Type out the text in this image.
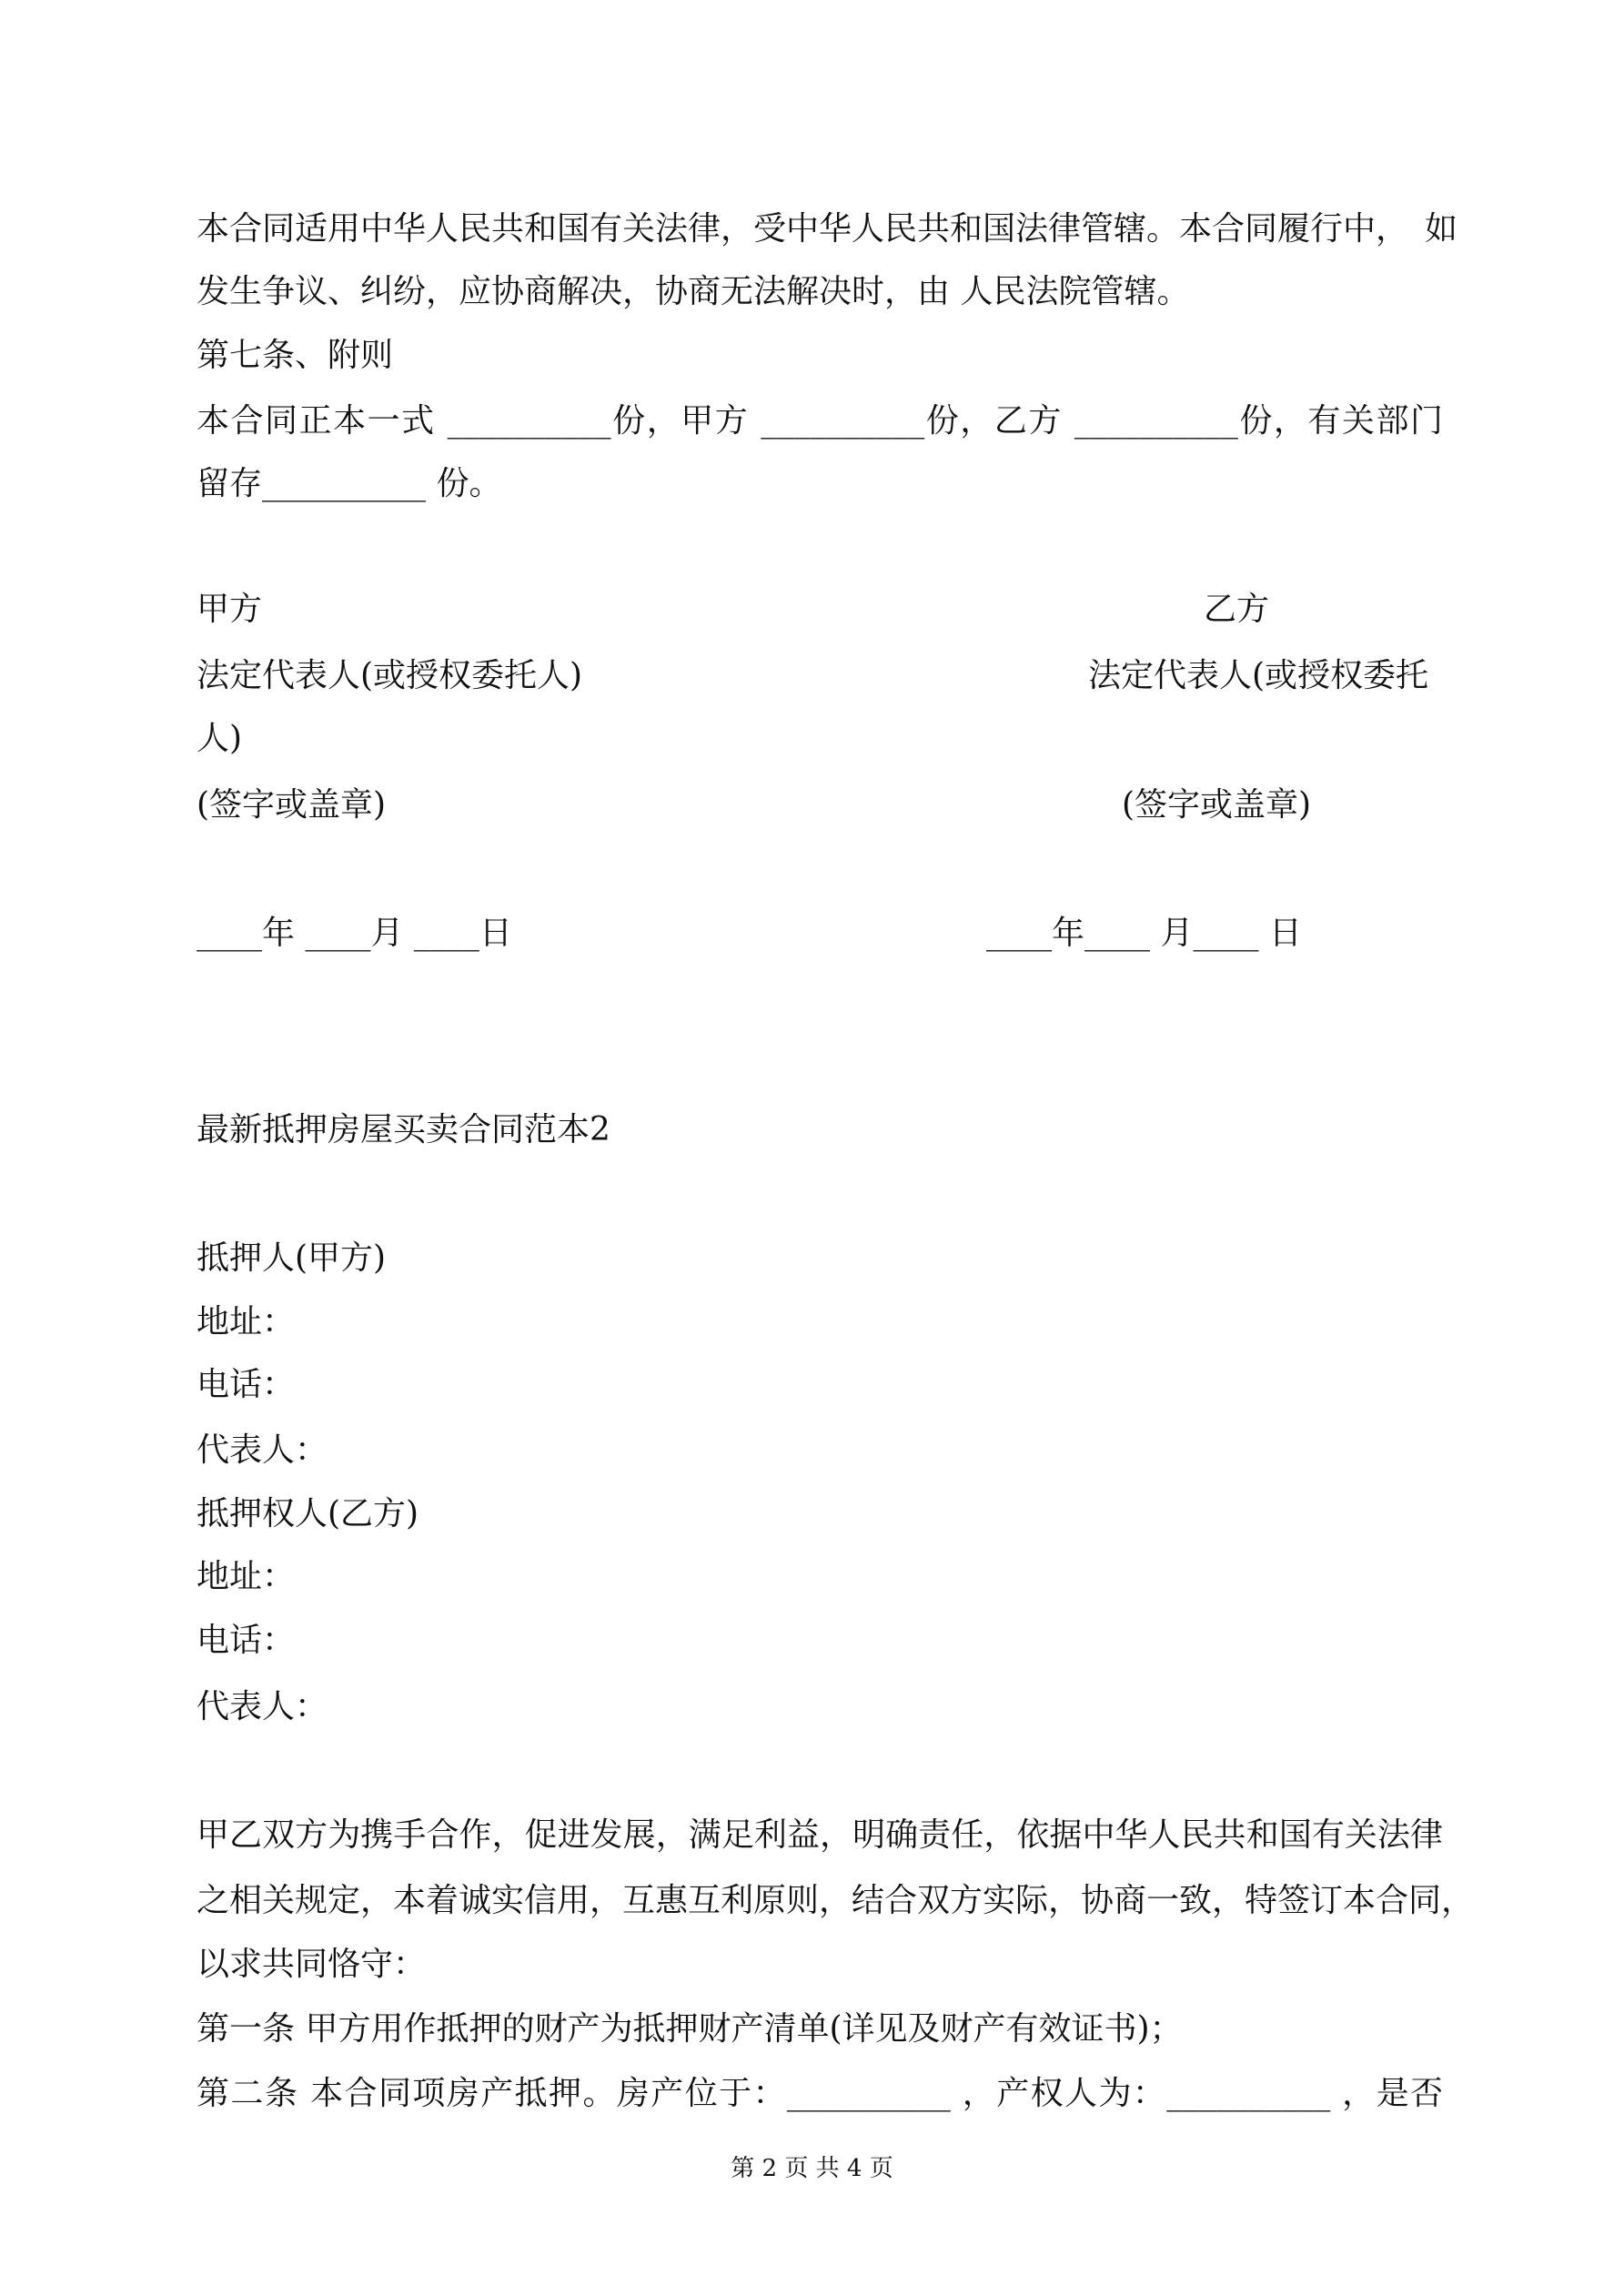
本合同适用中华人民共和国有关法律，受中华人民共和国法律管辖。本合同履行中，　如
发生争议、纠纷，应协商解决，协商无法解决时，由 人民法院管辖。
第七条、附则
本合同正本一式 __________份，甲方 __________份，乙方 __________份，有关部门
留存__________ 份。
甲方	乙方
法定代表人(或授权委托人)	法定代表人(或授权委托
人)
(签字或盖章)	(签字或盖章)
____年 ____月 ____日	____年____ 月____ 日
最新抵押房屋买卖合同范本2
抵押人(甲方)
地址：
电话：
代表人：
抵押权人(乙方)
地址：
电话：
代表人：
甲乙双方为携手合作，促进发展，满足利益，明确责任，依据中华人民共和国有关法律
之相关规定，本着诚实信用，互惠互利原则，结合双方实际，协商一致，特签订本合同，
以求共同恪守：
第一条 甲方用作抵押的财产为抵押财产清单(详见及财产有效证书)；
第二条 本合同项房产抵押。房产位于：__________ ，产权人为：__________ ，是否
第 2 页 共 4 页
